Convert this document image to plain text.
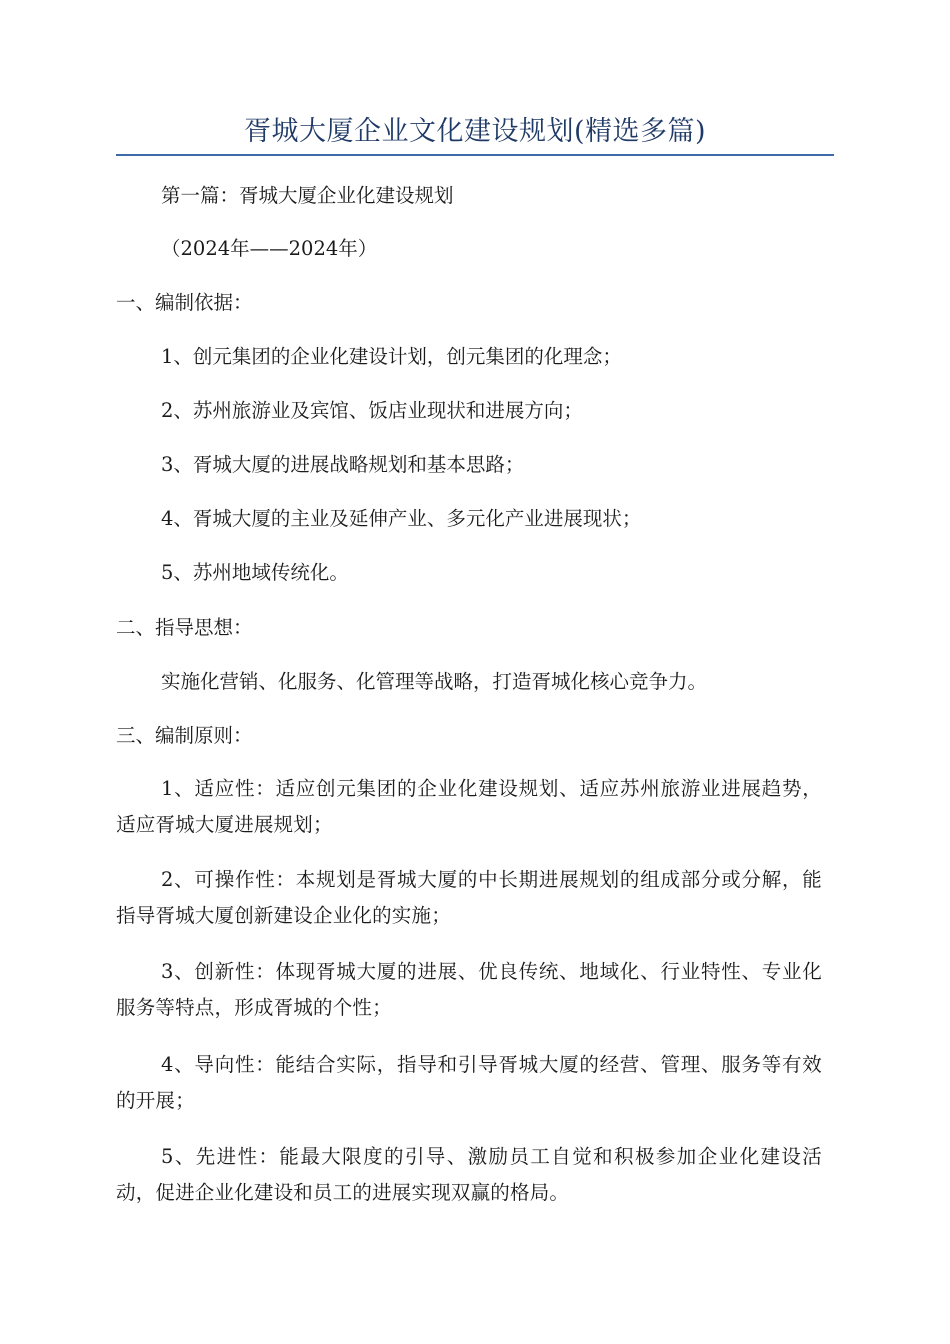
胥城大厦企业文化建设规划(精选多篇)
第一篇：胥城大厦企业化建设规划
（2024年——2024年）
一、编制依据：
1、创元集团的企业化建设计划，创元集团的化理念；
2、苏州旅游业及宾馆、饭店业现状和进展方向；
3、胥城大厦的进展战略规划和基本思路；
4、胥城大厦的主业及延伸产业、多元化产业进展现状；
5、苏州地域传统化。
二、指导思想：
实施化营销、化服务、化管理等战略，打造胥城化核心竞争力。
三、编制原则：
1、适应性：适应创元集团的企业化建设规划、适应苏州旅游业进展趋势，适应胥城大厦进展规划；
2、可操作性：本规划是胥城大厦的中长期进展规划的组成部分或分解，能指导胥城大厦创新建设企业化的实施；
3、创新性：体现胥城大厦的进展、优良传统、地域化、行业特性、专业化服务等特点，形成胥城的个性；
4、导向性：能结合实际，指导和引导胥城大厦的经营、管理、服务等有效的开展；
5、先进性：能最大限度的引导、激励员工自觉和积极参加企业化建设活动，促进企业化建设和员工的进展实现双赢的格局。
